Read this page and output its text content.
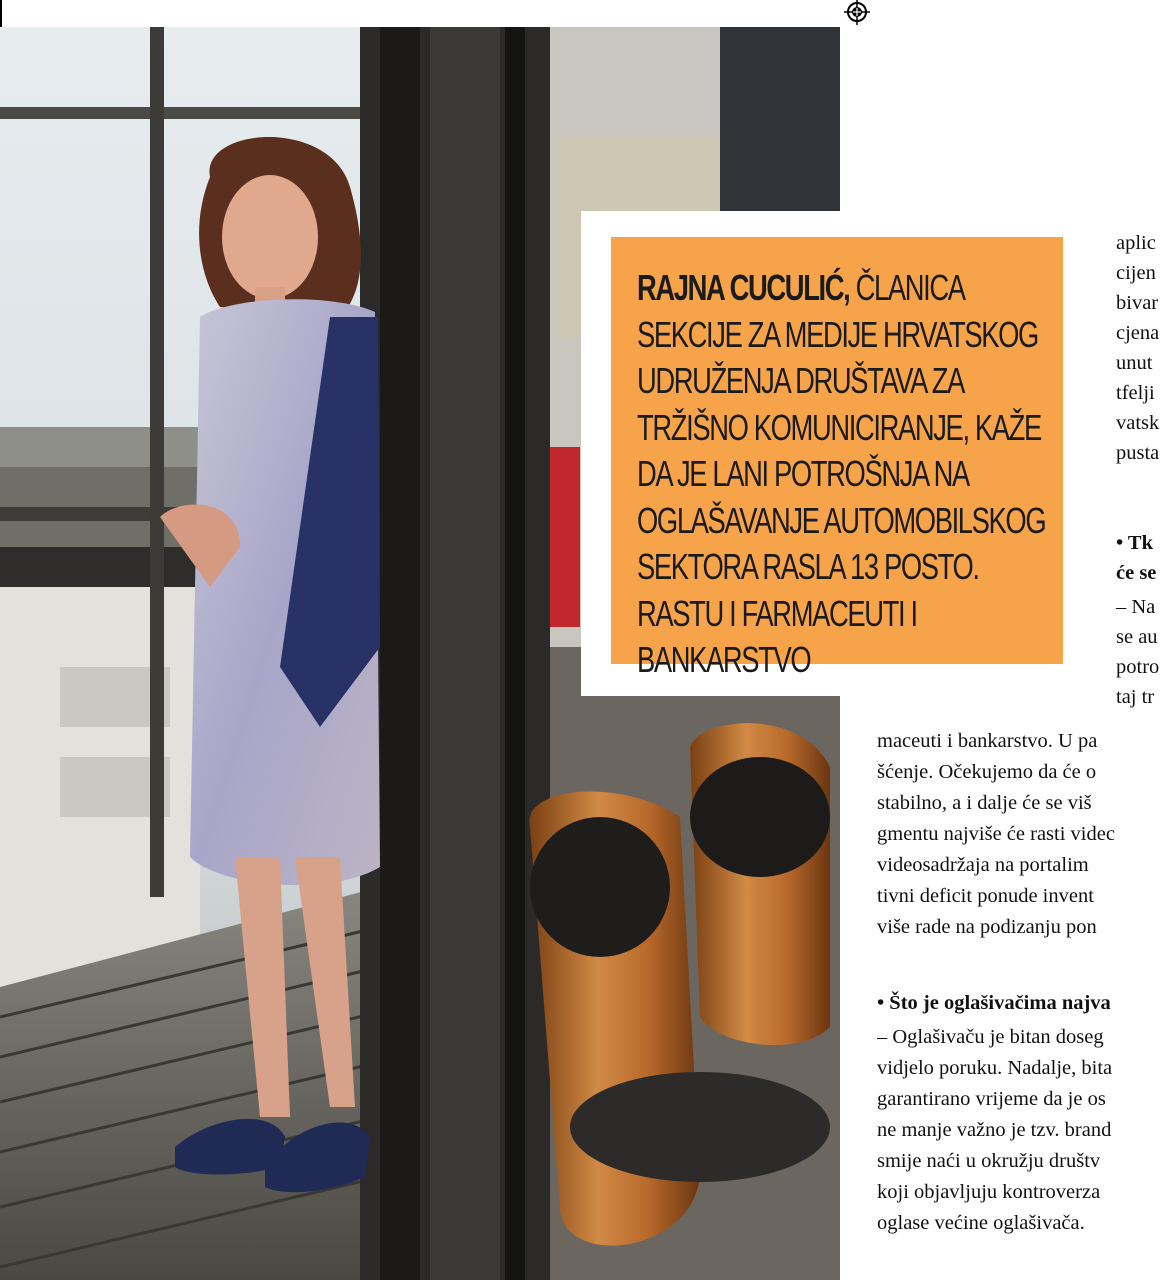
aplic
cijen
bivar
cjena
unut
tfelji
vatsk
pusta
• Tk
će se
– Na
se au
potro
taj tr
maceuti i bankarstvo. U pa
šćenje. Očekujemo da će o
stabilno, a i dalje će se viš
gmentu najviše će rasti videc
videosadržaja na portalim
tivni deficit ponude invent
više rade na podizanju pon
• Što je oglašivačima najva
– Oglašivaču je bitan doseg
vidjelo poruku. Nadalje, bita
garantirano vrijeme da je os
ne manje važno je tzv. brand
smije naći u okružju društv
koji objavljuju kontroverza
oglase većine oglašivača.
RAJNA CUCULIĆ, ČLANICA SEKCIJE ZA MEDIJE HRVATSKOG UDRUŽENJA DRUŠTAVA ZA TRŽIŠNO KOMUNICIRANJE, KAŽE DA JE LANI POTROŠNJA NA OGLAŠAVANJE AUTOMOBILSKOG SEKTORA RASLA 13 POSTO. RASTU I FARMACEUTI I BANKARSTVO
